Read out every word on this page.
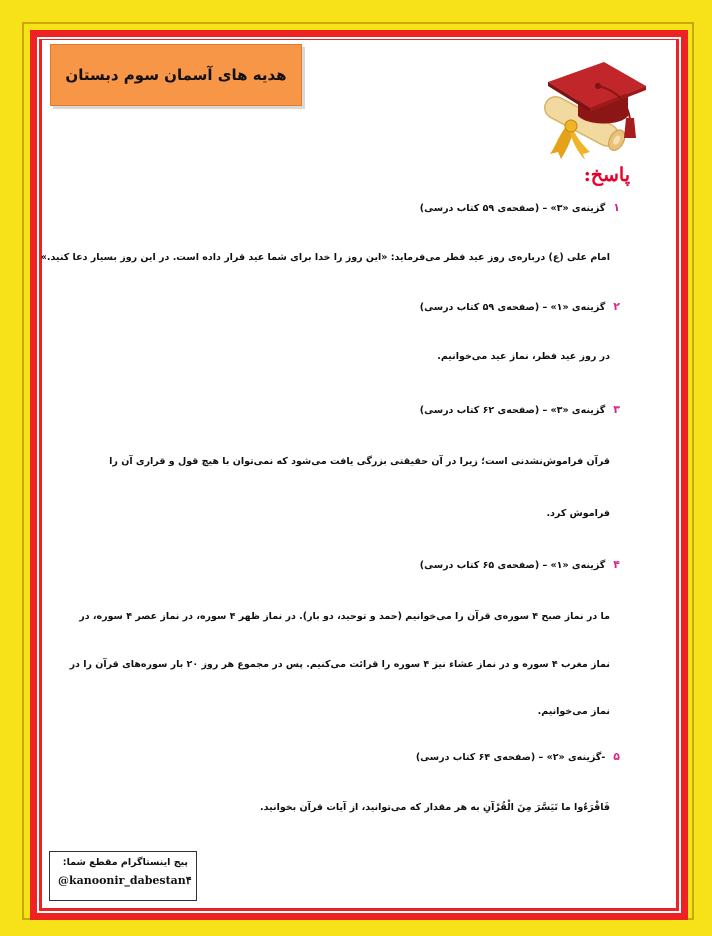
هدیه های آسمان سوم دبستان
پاسخ:
۱
گزینه‌ی «۳» – (صفحه‌ی ۵۹ کتاب درسی)
امام علی (ع) درباره‌ی روز عید فطر می‌فرماید: «این روز را خدا برای شما عید قرار داده است. در این روز بسیار دعا کنید.»
۲
گزینه‌ی «۱» – (صفحه‌ی ۵۹ کتاب درسی)
در روز عید فطر، نماز عید می‌خوانیم.
۳
گزینه‌ی «۳» – (صفحه‌ی ۶۲ کتاب درسی)
قرآن فراموش‌نشدنی است؛ زیرا در آن حقیقتی بزرگی یافت می‌شود که نمی‌توان با هیچ قول و قراری آن را
فراموش کرد.
۴
گزینه‌ی «۱» – (صفحه‌ی ۶۵ کتاب درسی)
ما در نماز صبح ۴ سوره‌ی قرآن را می‌خوانیم (حمد و توحید، دو بار). در نماز ظهر ۴ سوره، در نماز عصر ۴ سوره، در
نماز مغرب ۴ سوره و در نماز عشاء نیز ۴ سوره را قرائت می‌کنیم. پس در مجموع هر روز ۲۰ بار سوره‌های قرآن را در
نماز می‌خوانیم.
۵
-گزینه‌ی «۲» – (صفحه‌ی ۶۴ کتاب درسی)
فَاقْرَءُوا ما تَیَسَّرَ مِنَ الْقُرْآنِ به هر مقدار که می‌توانید، از آیات قرآن بخوانید.
پیج اینستاگرام مقطع شما:
@kanoonir_dabestan۴
